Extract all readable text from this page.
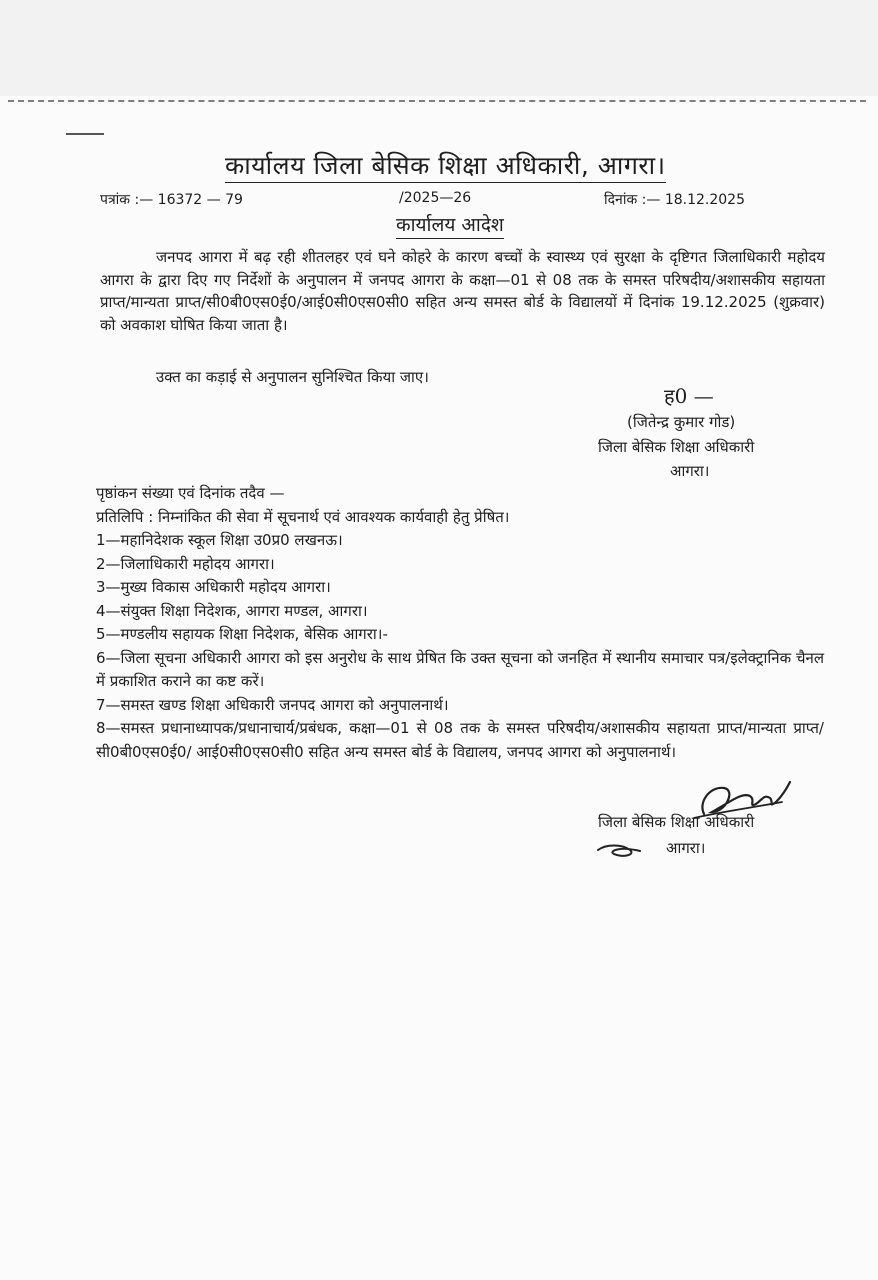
कार्यालय जिला बेसिक शिक्षा अधिकारी, आगरा।
पत्रांक :— 16372 — 79	/2025—26	दिनांक :— 18.12.2025
कार्यालय आदेश

जनपद आगरा में बढ़ रही शीतलहर एवं घने कोहरे के कारण बच्चों के स्वास्थ्य एवं सुरक्षा के दृष्टिगत जिलाधिकारी महोदय आगरा के द्वारा दिए गए निर्देशों के अनुपालन में जनपद आगरा के कक्षा—01 से 08 तक के समस्त परिषदीय/अशासकीय सहायता प्राप्त/मान्यता प्राप्त/सी0बी0एस0ई0/आई0सी0एस0सी0 सहित अन्य समस्त बोर्ड के विद्यालयों में दिनांक 19.12.2025 (शुक्रवार) को अवकाश घोषित किया जाता है।

उक्त का कड़ाई से अनुपालन सुनिश्चित किया जाए।

ह0 —
(जितेन्द्र कुमार गोड)
जिला बेसिक शिक्षा अधिकारी
आगरा।
पृष्ठांकन संख्या एवं दिनांक तदैव —
प्रतिलिपि : निम्नांकित की सेवा में सूचनार्थ एवं आवश्यक कार्यवाही हेतु प्रेषित।
1—महानिदेशक स्कूल शिक्षा उ0प्र0 लखनऊ।
2—जिलाधिकारी महोदय आगरा।
3—मुख्य विकास अधिकारी महोदय आगरा।
4—संयुक्त शिक्षा निदेशक, आगरा मण्डल, आगरा।
5—मण्डलीय सहायक शिक्षा निदेशक, बेसिक आगरा।-
6—जिला सूचना अधिकारी आगरा को इस अनुरोध के साथ प्रेषित कि उक्त सूचना को जनहित में स्थानीय समाचार पत्र/इलेक्ट्रानिक चैनल में प्रकाशित कराने का कष्ट करें।
7—समस्त खण्ड शिक्षा अधिकारी जनपद आगरा को अनुपालनार्थ।
8—समस्त प्रधानाध्यापक/प्रधानाचार्य/प्रबंधक, कक्षा—01 से 08 तक के समस्त परिषदीय/अशासकीय सहायता प्राप्त/मान्यता प्राप्त/सी0बी0एस0ई0/ आई0सी0एस0सी0 सहित अन्य समस्त बोर्ड के विद्यालय, जनपद आगरा को अनुपालनार्थ।
जिला बेसिक शिक्षा अधिकारी
आगरा।
